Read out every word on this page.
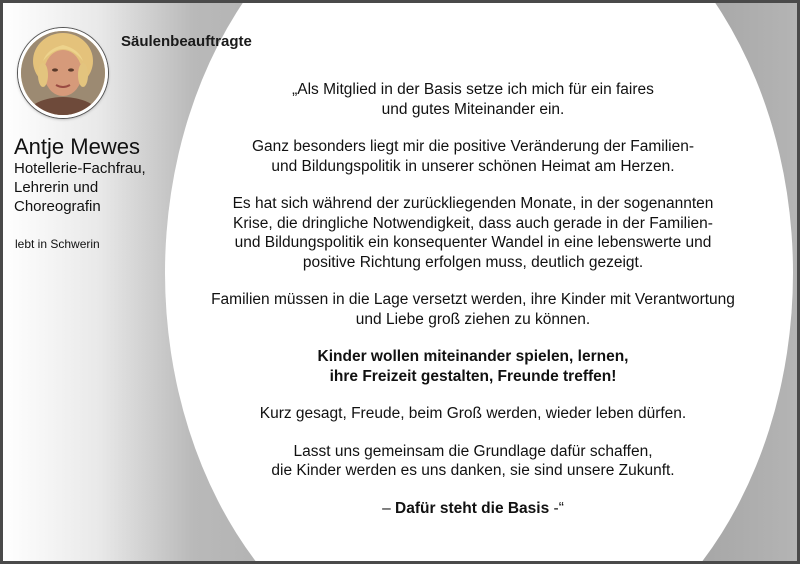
Säulenbeauftragte
Antje Mewes
Hotellerie-Fachfrau,
Lehrerin und
Choreografin
lebt in Schwerin

„Als Mitglied in der Basis setze ich mich für ein faires
und gutes Miteinander ein.

Ganz besonders liegt mir die positive Veränderung der Familien-
und Bildungspolitik in unserer schönen Heimat am Herzen.

Es hat sich während der zurückliegenden Monate, in der sogenannten
Krise, die dringliche Notwendigkeit, dass auch gerade in der Familien-
und Bildungspolitik ein konsequenter Wandel in eine lebenswerte und
positive Richtung erfolgen muss, deutlich gezeigt.

Familien müssen in die Lage versetzt werden, ihre Kinder mit Verantwortung
und Liebe groß ziehen zu können.

Kinder wollen miteinander spielen, lernen,
ihre Freizeit gestalten, Freunde treffen!

Kurz gesagt, Freude, beim Groß werden, wieder leben dürfen.

Lasst uns gemeinsam die Grundlage dafür schaffen,
die Kinder werden es uns danken, sie sind unsere Zukunft.

– Dafür steht die Basis -“
